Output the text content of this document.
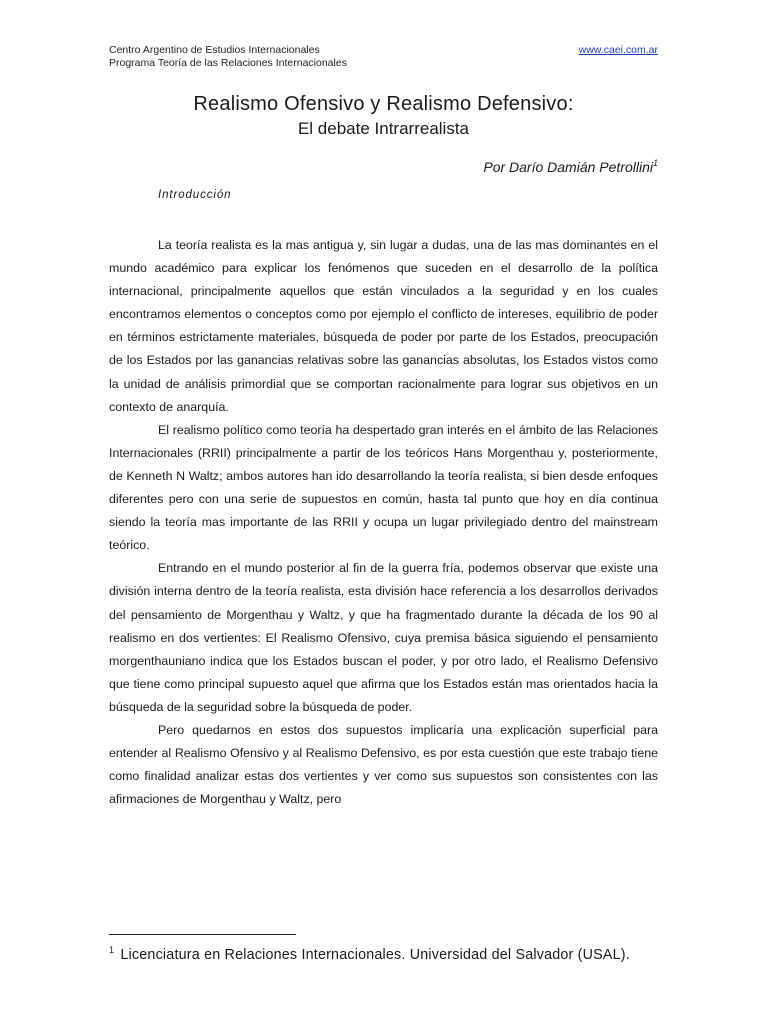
Centro Argentino de Estudios Internacionales	www.caei.com.ar
Programa Teoría de las Relaciones Internacionales
Realismo Ofensivo y Realismo Defensivo:
El debate Intrarrealista
Por Darío Damián Petrollini$^1$
Introducción

La teoría realista es la mas antigua y, sin lugar a dudas, una de las mas dominantes en el mundo académico para explicar los fenómenos que suceden en el desarrollo de la política internacional, principalmente aquellos que están vinculados a la seguridad y en los cuales encontramos elementos o conceptos como por ejemplo el conflicto de intereses, equilibrio de poder en términos estrictamente materiales, búsqueda de poder por parte de los Estados, preocupación de los Estados por las ganancias relativas sobre las ganancias absolutas, los Estados vistos como la unidad de análisis primordial que se comportan racionalmente para lograr sus objetivos en un contexto de anarquía.

El realismo político como teoría ha despertado gran interés en el ámbito de las Relaciones Internacionales (RRII) principalmente a partir de los teóricos Hans Morgenthau y, posteriormente, de Kenneth N Waltz; ambos autores han ido desarrollando la teoría realista, si bien desde enfoques diferentes pero con una serie de supuestos en común, hasta tal punto que hoy en día continua siendo la teoría mas importante de las RRII y ocupa un lugar privilegiado dentro del mainstream teórico.

Entrando en el mundo posterior al fin de la guerra fría, podemos observar que existe una división interna dentro de la teoría realista, esta división hace referencia a los desarrollos derivados del pensamiento de Morgenthau y Waltz, y que ha fragmentado durante la década de los 90 al realismo en dos vertientes: El Realismo Ofensivo, cuya premisa básica siguiendo el pensamiento morgenthauniano indica que los Estados buscan el poder, y por otro lado, el Realismo Defensivo que tiene como principal supuesto aquel que afirma que los Estados están mas orientados hacia la búsqueda de la seguridad sobre la búsqueda de poder.

Pero quedarnos en estos dos supuestos implicaría una explicación superficial para entender al Realismo Ofensivo y al Realismo Defensivo, es por esta cuestión que este trabajo tiene como finalidad analizar estas dos vertientes y ver como sus supuestos son consistentes con las afirmaciones de Morgenthau y Waltz, pero

$^1$ Licenciatura en Relaciones Internacionales. Universidad del Salvador (USAL).
